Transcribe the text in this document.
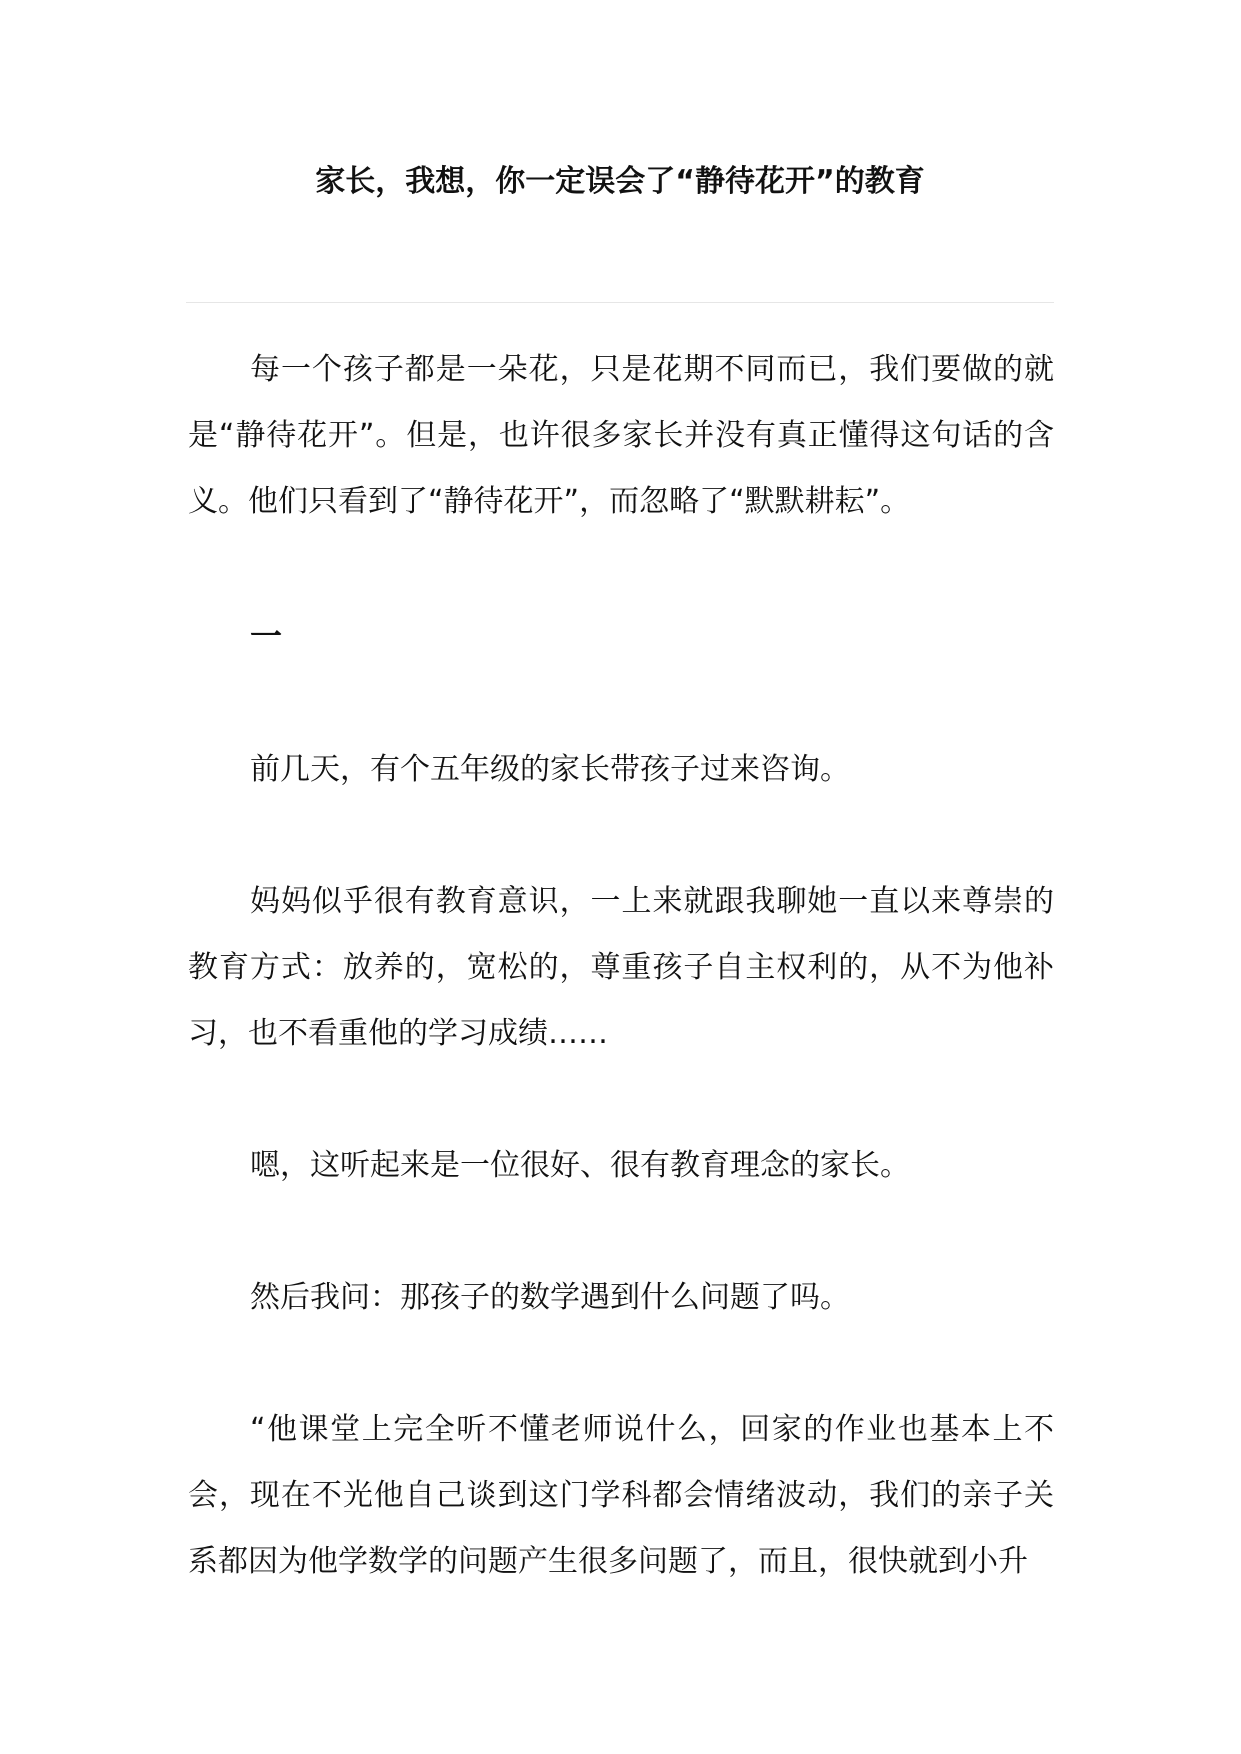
家长，我想，你一定误会了“静待花开”的教育

每一个孩子都是一朵花，只是花期不同而已，我们要做的就是“静待花开”。但是，也许很多家长并没有真正懂得这句话的含义。他们只看到了“静待花开”，而忽略了“默默耕耘”。

一

前几天，有个五年级的家长带孩子过来咨询。

妈妈似乎很有教育意识，一上来就跟我聊她一直以来尊崇的教育方式：放养的，宽松的，尊重孩子自主权利的，从不为他补习，也不看重他的学习成绩……

嗯，这听起来是一位很好、很有教育理念的家长。

然后我问：那孩子的数学遇到什么问题了吗。

“他课堂上完全听不懂老师说什么，回家的作业也基本上不会，现在不光他自己谈到这门学科都会情绪波动，我们的亲子关系都因为他学数学的问题产生很多问题了，而且，很快就到小升
